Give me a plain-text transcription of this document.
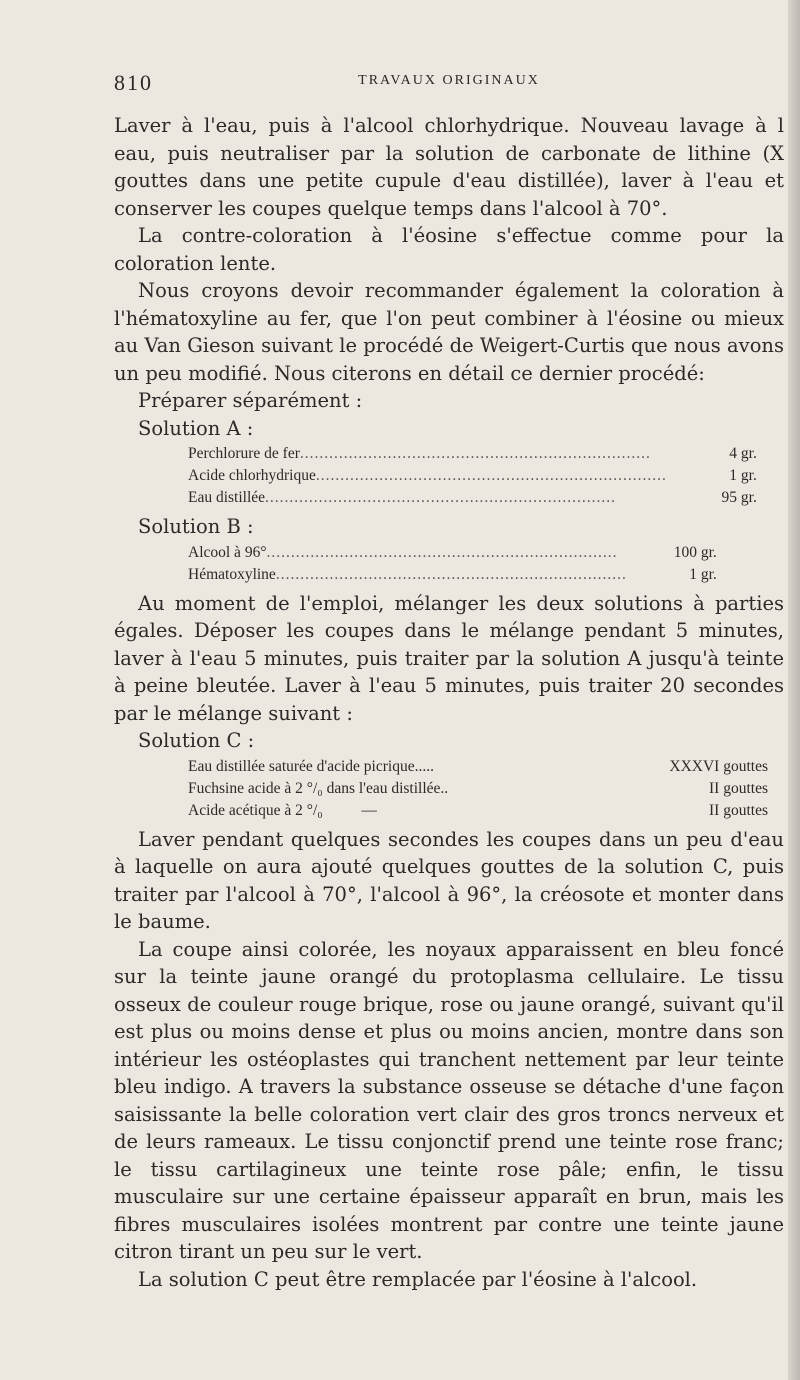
810	TRAVAUX ORIGINAUX

Laver à l'eau, puis à l'alcool chlorhydrique. Nouveau lavage à l eau, puis neutraliser par la solution de carbonate de lithine (X gouttes dans une petite cupule d'eau distillée), laver à l'eau et conserver les coupes quelque temps dans l'alcool à 70°.

La contre-coloration à l'éosine s'effectue comme pour la coloration lente.

Nous croyons devoir recommander également la coloration à l'hématoxyline au fer, que l'on peut combiner à l'éosine ou mieux au Van Gieson suivant le procédé de Weigert-Curtis que nous avons un peu modifié. Nous citerons en détail ce dernier procédé:

Préparer séparément :

Solution A :

Perchlorure de fer........................................................................	4 gr.
Acide chlorhydrique........................................................................	1 gr.
Eau distillée........................................................................	95 gr.

Solution B :

Alcool à 96°........................................................................	100 gr.
Hématoxyline........................................................................	1 gr.

Au moment de l'emploi, mélanger les deux solutions à parties égales. Déposer les coupes dans le mélange pendant 5 minutes, laver à l'eau 5 minutes, puis traiter par la solution A jusqu'à teinte à peine bleutée. Laver à l'eau 5 minutes, puis traiter 20 secondes par le mélange suivant :

Solution C :

Eau distillée saturée d'acide picrique.....	XXXVI gouttes
Fuchsine acide à 2 °/₀ dans l'eau distillée..	II gouttes
Acide acétique à 2 °/₀          —	II gouttes

Laver pendant quelques secondes les coupes dans un peu d'eau à laquelle on aura ajouté quelques gouttes de la solution C, puis traiter par l'alcool à 70°, l'alcool à 96°, la créosote et monter dans le baume.

La coupe ainsi colorée, les noyaux apparaissent en bleu foncé sur la teinte jaune orangé du protoplasma cellulaire. Le tissu osseux de couleur rouge brique, rose ou jaune orangé, suivant qu'il est plus ou moins dense et plus ou moins ancien, montre dans son intérieur les ostéoplastes qui tranchent nettement par leur teinte bleu indigo. A travers la substance osseuse se détache d'une façon saisissante la belle coloration vert clair des gros troncs nerveux et de leurs rameaux. Le tissu conjonctif prend une teinte rose franc; le tissu cartilagineux une teinte rose pâle; enfin, le tissu musculaire sur une certaine épaisseur apparaît en brun, mais les fibres musculaires isolées montrent par contre une teinte jaune citron tirant un peu sur le vert.

La solution C peut être remplacée par l'éosine à l'alcool.
